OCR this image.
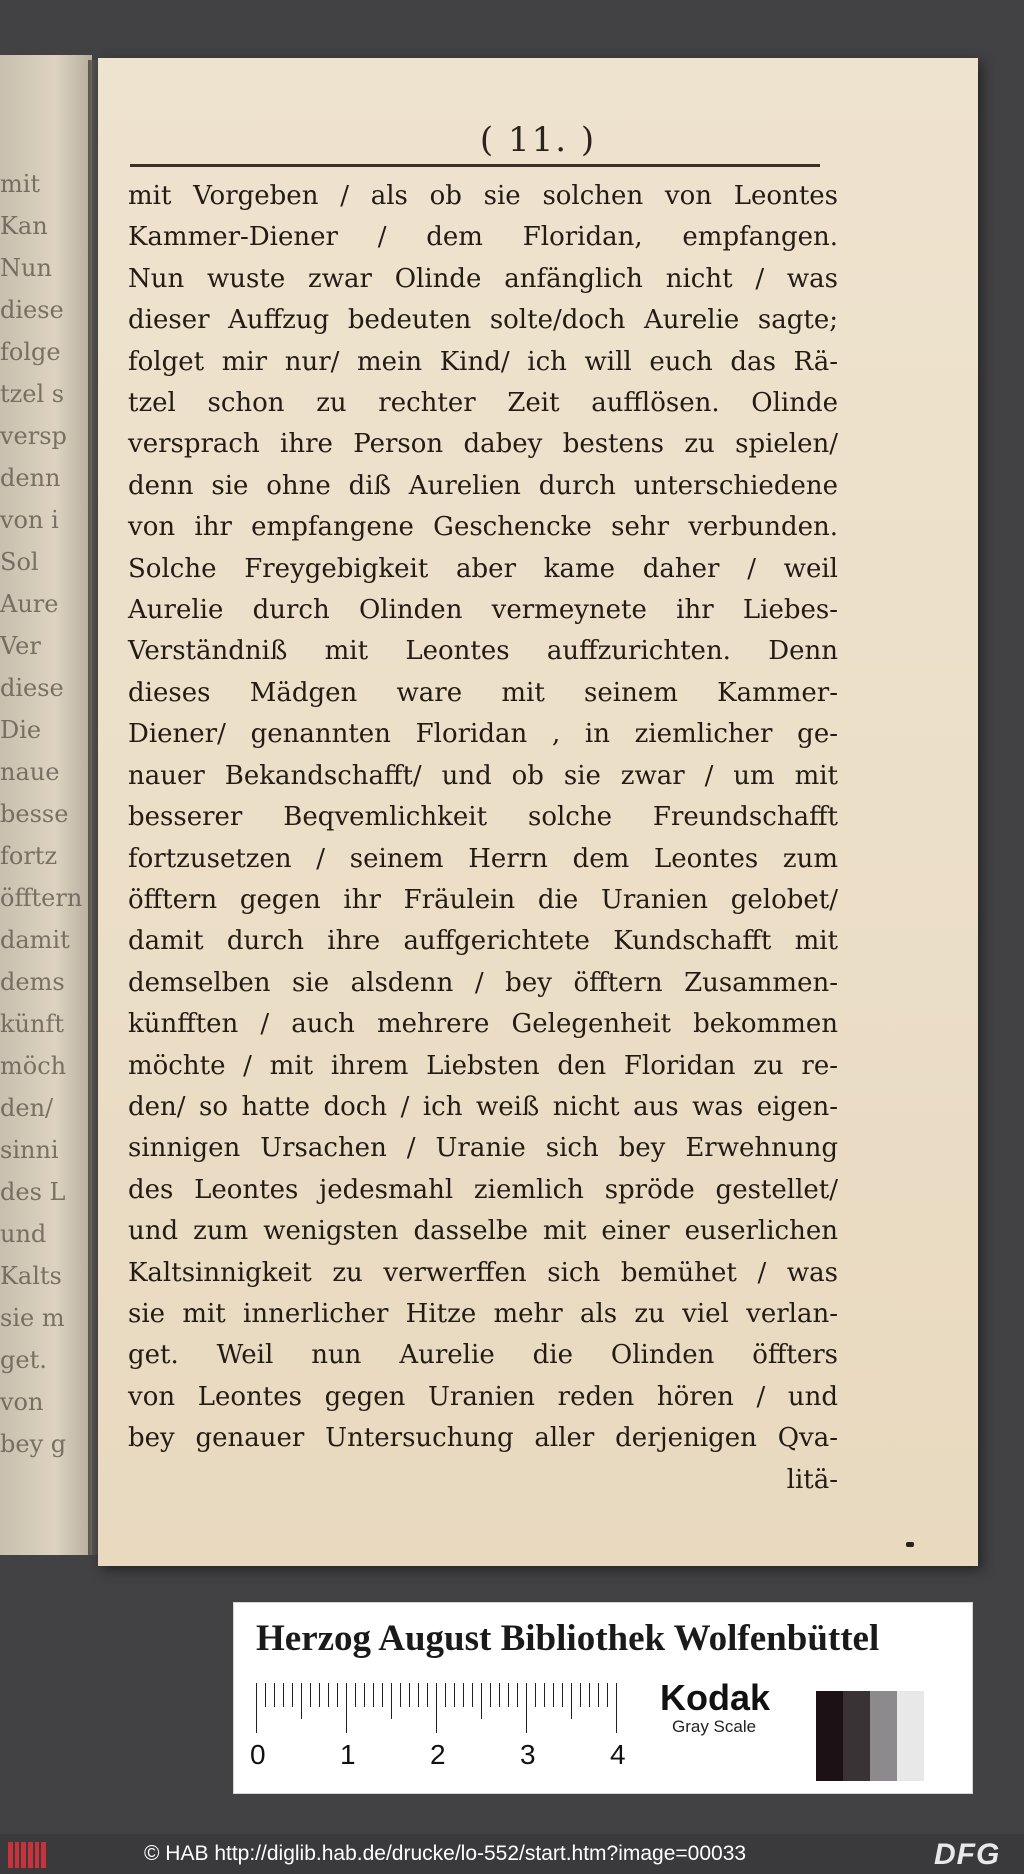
mit
Kan
Nun
diese
folge
tzel s
versp
denn
von i
Sol
Aure
Ver
diese
Die
naue
besse
fortz
öfftern
damit
dems
künft
möch
den/
sinni
des L
und
Kalts
sie m
get.
von
bey g
( 11. )
mit Vorgeben / als ob sie solchen von Leontes
Kammer-Diener / dem Floridan, empfangen.
Nun wuste zwar Olinde anfänglich nicht / was
dieser Auffzug bedeuten solte/doch Aurelie sagte;
folget mir nur/ mein Kind/ ich will euch das Rä-
tzel schon zu rechter Zeit aufflösen. Olinde
versprach ihre Person dabey bestens zu spielen/
denn sie ohne diß Aurelien durch unterschiedene
von ihr empfangene Geschencke sehr verbunden.
Solche Freygebigkeit aber kame daher / weil
Aurelie durch Olinden vermeynete ihr Liebes-
Verständniß mit Leontes auffzurichten. Denn
dieses Mädgen ware mit seinem Kammer-
Diener/ genannten Floridan , in ziemlicher ge-
nauer Bekandschafft/ und ob sie zwar / um mit
besserer Beqvemlichkeit solche Freundschafft
fortzusetzen / seinem Herrn dem Leontes zum
öfftern gegen ihr Fräulein die Uranien gelobet/
damit durch ihre auffgerichtete Kundschafft mit
demselben sie alsdenn / bey öfftern Zusammen-
künfften / auch mehrere Gelegenheit bekommen
möchte / mit ihrem Liebsten den Floridan zu re-
den/ so hatte doch / ich weiß nicht aus was eigen-
sinnigen Ursachen / Uranie sich bey Erwehnung
des Leontes jedesmahl ziemlich spröde gestellet/
und zum wenigsten dasselbe mit einer euserlichen
Kaltsinnigkeit zu verwerffen sich bemühet / was
sie mit innerlicher Hitze mehr als zu viel verlan-
get. Weil nun Aurelie die Olinden öffters
von Leontes gegen Uranien reden hören / und
bey genauer Untersuchung aller derjenigen Qva-
litä-
Herzog August Bibliothek Wolfenbüttel
0	1	2	3	4
Kodak
Gray Scale
© HAB http://diglib.hab.de/drucke/lo-552/start.htm?image=00033	DFG
